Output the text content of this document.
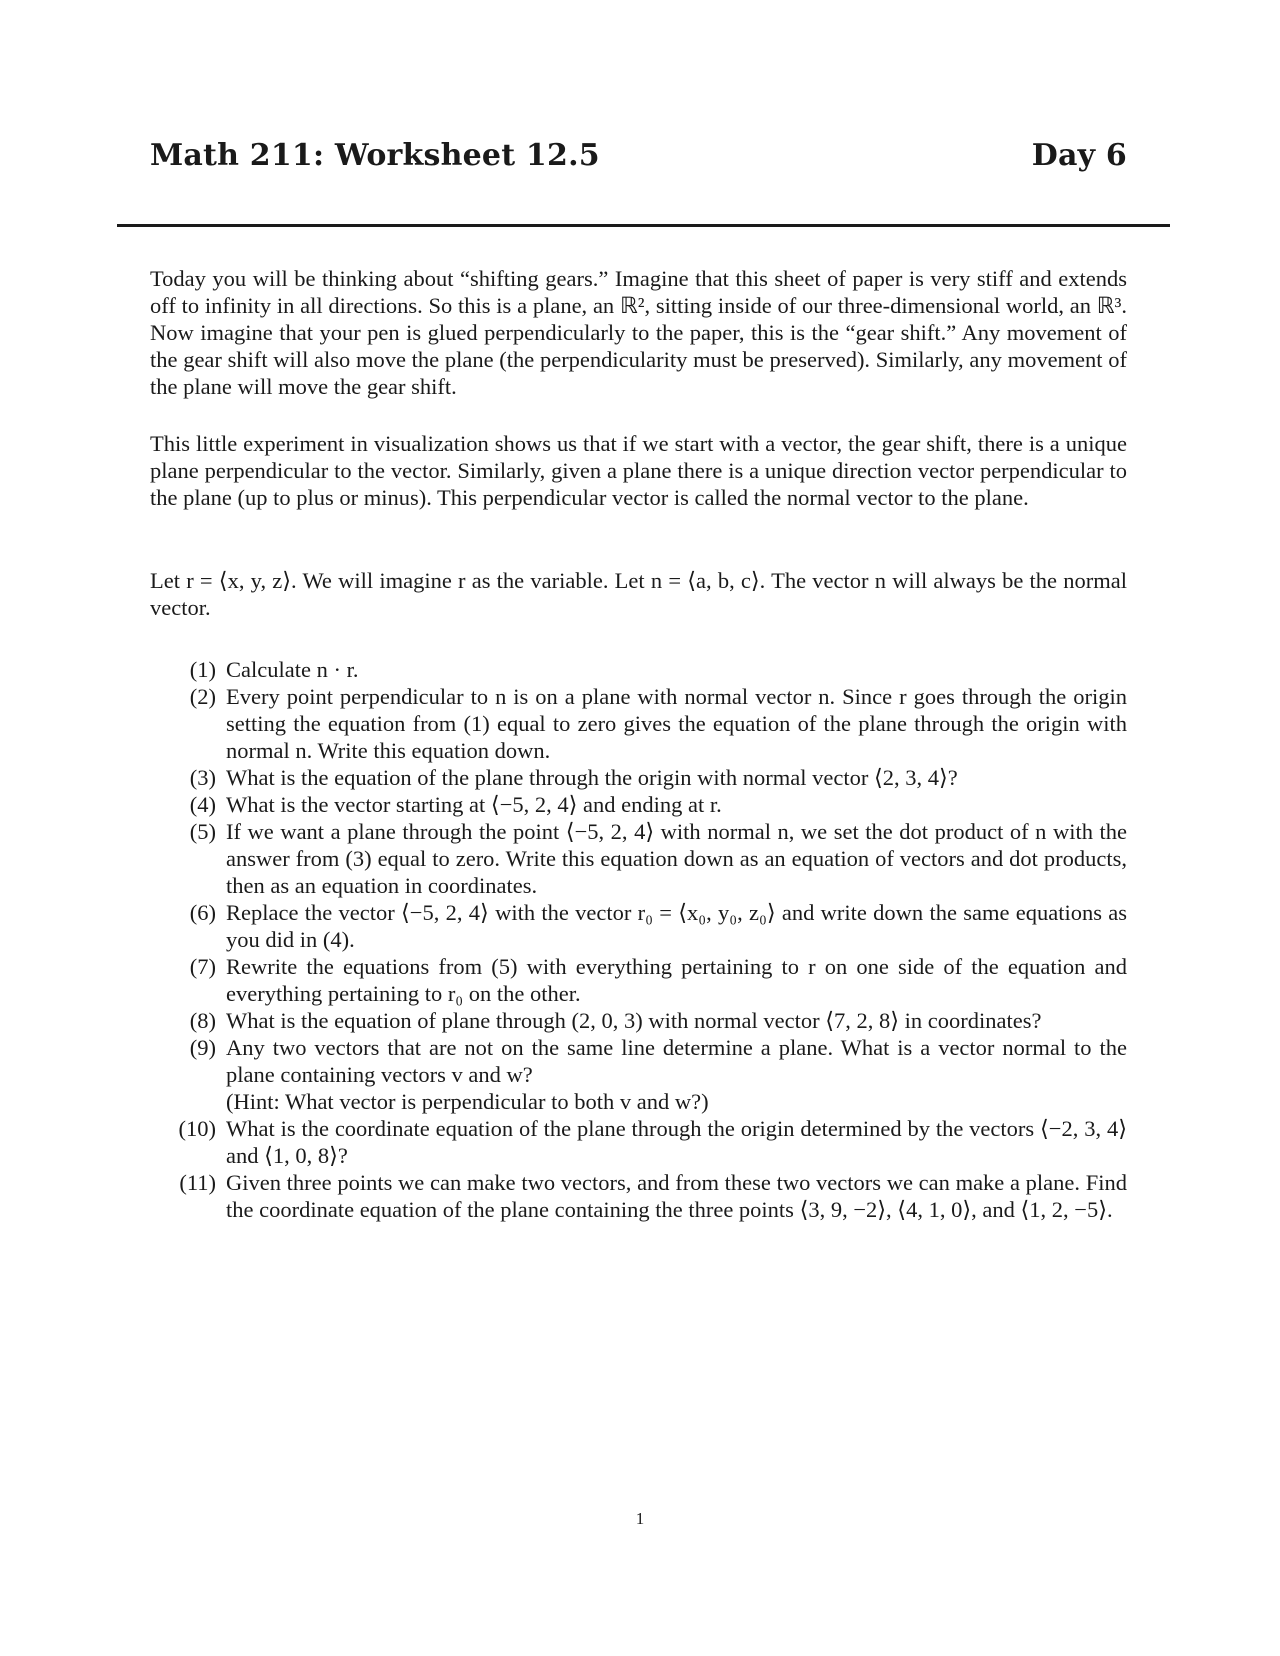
Math 211: Worksheet 12.5	Day 6

Today you will be thinking about “shifting gears.” Imagine that this sheet of paper is very stiff and extends off to infinity in all directions. So this is a plane, an ℝ², sitting inside of our three-dimensional world, an ℝ³. Now imagine that your pen is glued perpendicularly to the paper, this is the “gear shift.” Any movement of the gear shift will also move the plane (the perpendicularity must be preserved). Similarly, any movement of the plane will move the gear shift.

This little experiment in visualization shows us that if we start with a vector, the gear shift, there is a unique plane perpendicular to the vector. Similarly, given a plane there is a unique direction vector perpendicular to the plane (up to plus or minus). This perpendicular vector is called the normal vector to the plane.

Let r = ⟨x, y, z⟩. We will imagine r as the variable. Let n = ⟨a, b, c⟩. The vector n will always be the normal vector.

(1) Calculate n · r.
(2) Every point perpendicular to n is on a plane with normal vector n. Since r goes through the origin setting the equation from (1) equal to zero gives the equation of the plane through the origin with normal n. Write this equation down.
(3) What is the equation of the plane through the origin with normal vector ⟨2, 3, 4⟩?
(4) What is the vector starting at ⟨−5, 2, 4⟩ and ending at r.
(5) If we want a plane through the point ⟨−5, 2, 4⟩ with normal n, we set the dot product of n with the answer from (3) equal to zero. Write this equation down as an equation of vectors and dot products, then as an equation in coordinates.
(6) Replace the vector ⟨−5, 2, 4⟩ with the vector r₀ = ⟨x₀, y₀, z₀⟩ and write down the same equations as you did in (4).
(7) Rewrite the equations from (5) with everything pertaining to r on one side of the equation and everything pertaining to r₀ on the other.
(8) What is the equation of plane through (2, 0, 3) with normal vector ⟨7, 2, 8⟩ in coordinates?
(9) Any two vectors that are not on the same line determine a plane. What is a vector normal to the plane containing vectors v and w?
(Hint: What vector is perpendicular to both v and w?)
(10) What is the coordinate equation of the plane through the origin determined by the vectors ⟨−2, 3, 4⟩ and ⟨1, 0, 8⟩?
(11) Given three points we can make two vectors, and from these two vectors we can make a plane. Find the coordinate equation of the plane containing the three points ⟨3, 9, −2⟩, ⟨4, 1, 0⟩, and ⟨1, 2, −5⟩.
1
